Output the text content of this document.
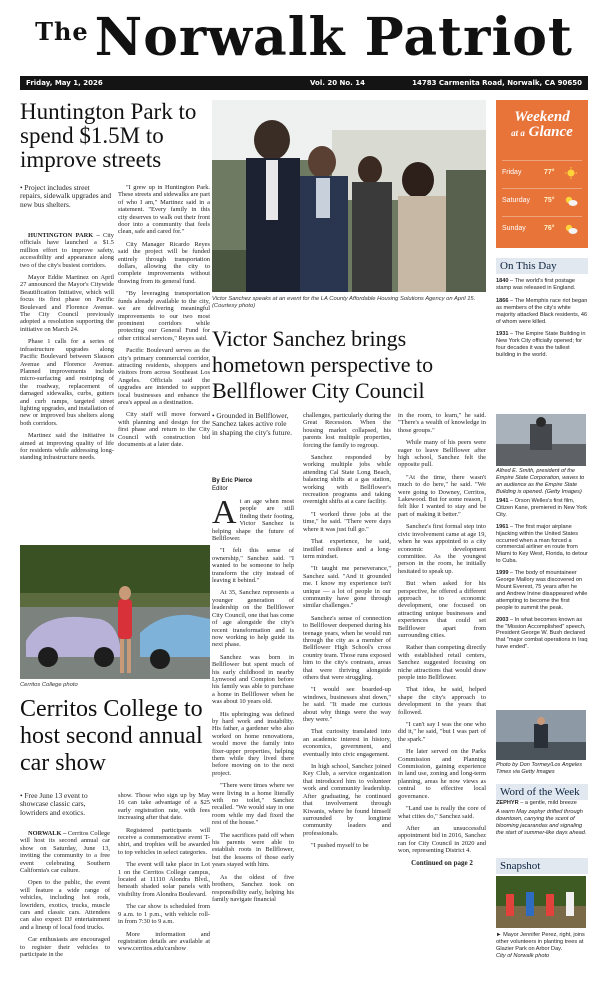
$^{The}$ Norwalk Patriot
Friday, May 1, 2026	Vol. 20 No. 14	14783 Carmenita Road, Norwalk, CA 90650
Huntington Park to spend $1.5M to improve streets
• Project includes street repairs, sidewalk upgrades and new bus shelters.

HUNTINGTON PARK – City officials have launched a $1.5 million effort to improve safety, accessibility and appearance along two of the city's busiest corridors.

Mayor Eddie Martinez on April 27 announced the Mayor's Citywide Beautification Initiative, which will focus its first phase on Pacific Boulevard and Florence Avenue. The City Council previously adopted a resolution supporting the initiative on March 24.

Phase 1 calls for a series of infrastructure upgrades along Pacific Boulevard between Slauson Avenue and Florence Avenue. Planned improvements include micro-surfacing and restriping of the roadway, replacement of damaged sidewalks, curbs, gutters and curb ramps, targeted street lighting upgrades, and installation of new or improved bus shelters along both corridors.

Martinez said the initiative is aimed at improving quality of life for residents while addressing long-standing infrastructure needs.

"I grew up in Huntington Park. These streets and sidewalks are part of who I am," Martinez said in a statement. "Every family in this city deserves to walk out their front door into a community that feels clean, safe and cared for."

City Manager Ricardo Reyes said the project will be funded entirely through transportation dollars, allowing the city to complete improvements without drawing from its general fund.

"By leveraging transportation funds already available to the city, we are delivering meaningful improvements to our two most prominent corridors while protecting our General Fund for other critical services," Reyes said.

Pacific Boulevard serves as the city's primary commercial corridor, attracting residents, shoppers and visitors from across Southeast Los Angeles. Officials said the upgrades are intended to support local businesses and enhance the area's appeal as a destination.

City staff will move forward with planning and design for the first phase and return to the City Council with construction bid documents at a later date.

Victor Sanchez speaks at an event for the LA County Affordable Housing Solutions Agency on April 15. (Courtesy photo)
Victor Sanchez brings hometown perspective to Bellflower City Council
• Grounded in Bellflower, Sanchez takes active role in shaping the city's future.
By Eric Pierce
Editor

At an age when most people are still finding their footing, Victor Sanchez is helping shape the future of Bellflower.

"I felt this sense of ownership," Sanchez said. "I wanted to be someone to help transform the city instead of leaving it behind."

At 35, Sanchez represents a younger generation of leadership on the Bellflower City Council, one that has come of age alongside the city's recent transformation and is now working to help guide its next phase.

Sanchez was born in Bellflower but spent much of his early childhood in nearby Lynwood and Compton before his family was able to purchase a home in Bellflower when he was about 10 years old.

His upbringing was defined by hard work and instability. His father, a gardener who also worked on home renovations, would move the family into fixer-upper properties, helping them while they lived there before moving on to the next project.

"There were times where we were living in a home literally with no toilet," Sanchez recalled. "We would stay in one room while my dad fixed the rest of the house."

The sacrifices paid off when his parents were able to establish roots in Bellflower, but the lessons of those early years stayed with him.

As the oldest of five brothers, Sanchez took on responsibility early, helping his family navigate financial

challenges, particularly during the Great Recession. When the housing market collapsed, his parents lost multiple properties, forcing the family to regroup.

Sanchez responded by working multiple jobs while attending Cal State Long Beach, balancing shifts at a gas station, working with Bellflower's recreation programs and taking overnight shifts at a care facility.

"I worked three jobs at the time," he said. "There were days where it was just full go."

That experience, he said, instilled resilience and a long-term mindset.

"It taught me perseverance," Sanchez said. "And it grounded me. I know my experience isn't unique — a lot of people in our community have gone through similar challenges."

Sanchez's sense of connection to Bellflower deepened during his teenage years, when he would run through the city as a member of Bellflower High School's cross country team. Those runs exposed him to the city's contrasts, areas that were thriving alongside others that were struggling.

"I would see boarded-up windows, businesses shut down," he said. "It made me curious about why things were the way they were."

That curiosity translated into an academic interest in history, economics, government, and eventually into civic engagement.

In high school, Sanchez joined Key Club, a service organization that introduced him to volunteer work and community leadership. After graduating, he continued that involvement through Kiwanis, where he found himself surrounded by longtime community leaders and professionals.

"I pushed myself to be

in the room, to learn," he said. "There's a wealth of knowledge in those groups."

While many of his peers were eager to leave Bellflower after high school, Sanchez felt the opposite pull.

"At the time, there wasn't much to do here," he said. "We were going to Downey, Cerritos, Lakewood. But for some reason, I felt like I wanted to stay and be part of making it better."

Sanchez's first formal step into civic involvement came at age 19, when he was appointed to a city economic development committee. As the youngest person in the room, he initially hesitated to speak up.

But when asked for his perspective, he offered a different approach to economic development, one focused on attracting unique businesses and experiences that could set Bellflower apart from surrounding cities.

Rather than competing directly with established retail centers, Sanchez suggested focusing on niche attractions that would draw people into Bellflower.

That idea, he said, helped shape the city's approach to development in the years that followed.

"I can't say I was the one who did it," he said, "but I was part of the spark."

He later served on the Parks Commission and Planning Commission, gaining experience in land use, zoning and long-term planning, areas he now views as central to effective local governance.

"Land use is really the core of what cities do," Sanchez said.

After an unsuccessful appointment bid in 2016, Sanchez ran for City Council in 2020 and won, representing District 4.

Continued on page 2

Cerritos College photo
Cerritos College to host second annual car show
• Free June 13 event to showcase classic cars, lowriders and exotics.

NORWALK – Cerritos College will host its second annual car show on Saturday, June 13, inviting the community to a free event celebrating Southern California's car culture.

Open to the public, the event will feature a wide range of vehicles, including hot rods, lowriders, exotics, trucks, muscle cars and classic cars. Attendees can also expect DJ entertainment and a lineup of local food trucks.

Car enthusiasts are encouraged to register their vehicles to participate in the

show. Those who sign up by May 16 can take advantage of a $25 early registration rate, with fees increasing after that date.

Registered participants will receive a commemorative event T-shirt, and trophies will be awarded to top vehicles in select categories.

The event will take place in Lot 1 on the Cerritos College campus, located at 11110 Alondra Blvd., beneath shaded solar panels with visibility from Alondra Boulevard.

The car show is scheduled from 9 a.m. to 1 p.m., with vehicle roll-in from 7:30 to 9 a.m.

More information and registration details are available at www.cerritos.edu/carshow

Weekend
at a Glance
Friday	77°
Saturday 75°
Sunday	76°
On This Day
1840 – The world's first postage stamp was released in England.
1866 – The Memphis race riot began as members of the city's white majority attacked Black residents, 46 of whom were killed.
1931 – The Empire State Building in New York City officially opened; for four decades it was the tallest building in the world.
Alfred E. Smith, president of the Empire State Corporation, waves to an audience as the Empire State Building is opened. (Getty Images)
1941 – Orson Welles's first film, Citizen Kane, premiered in New York City.
1961 – The first major airplane hijacking within the United States occurred when a man forced a commercial airliner en route from Miami to Key West, Florida, to detour to Cuba.
1999 – The body of mountaineer George Mallory was discovered on Mount Everest, 75 years after he and Andrew Irvine disappeared while attempting to become the first people to summit the peak.
2003 – In what becomes known as the "Mission Accomplished" speech, President George W. Bush declared that "major combat operations in Iraq have ended".
Photo by Don Tormey/Los Angeles Times via Getty Images
Word of the Week
ZEPHYR – a gentle, mild breeze
A warm May zephyr drifted through downtown, carrying the scent of blooming jacarandas and signaling the start of summer-like days ahead.
Snapshot
► Mayor Jennifer Perez, right, joins other volunteers in planting trees at Glazier Park on Arbor Day.
City of Norwalk photo
